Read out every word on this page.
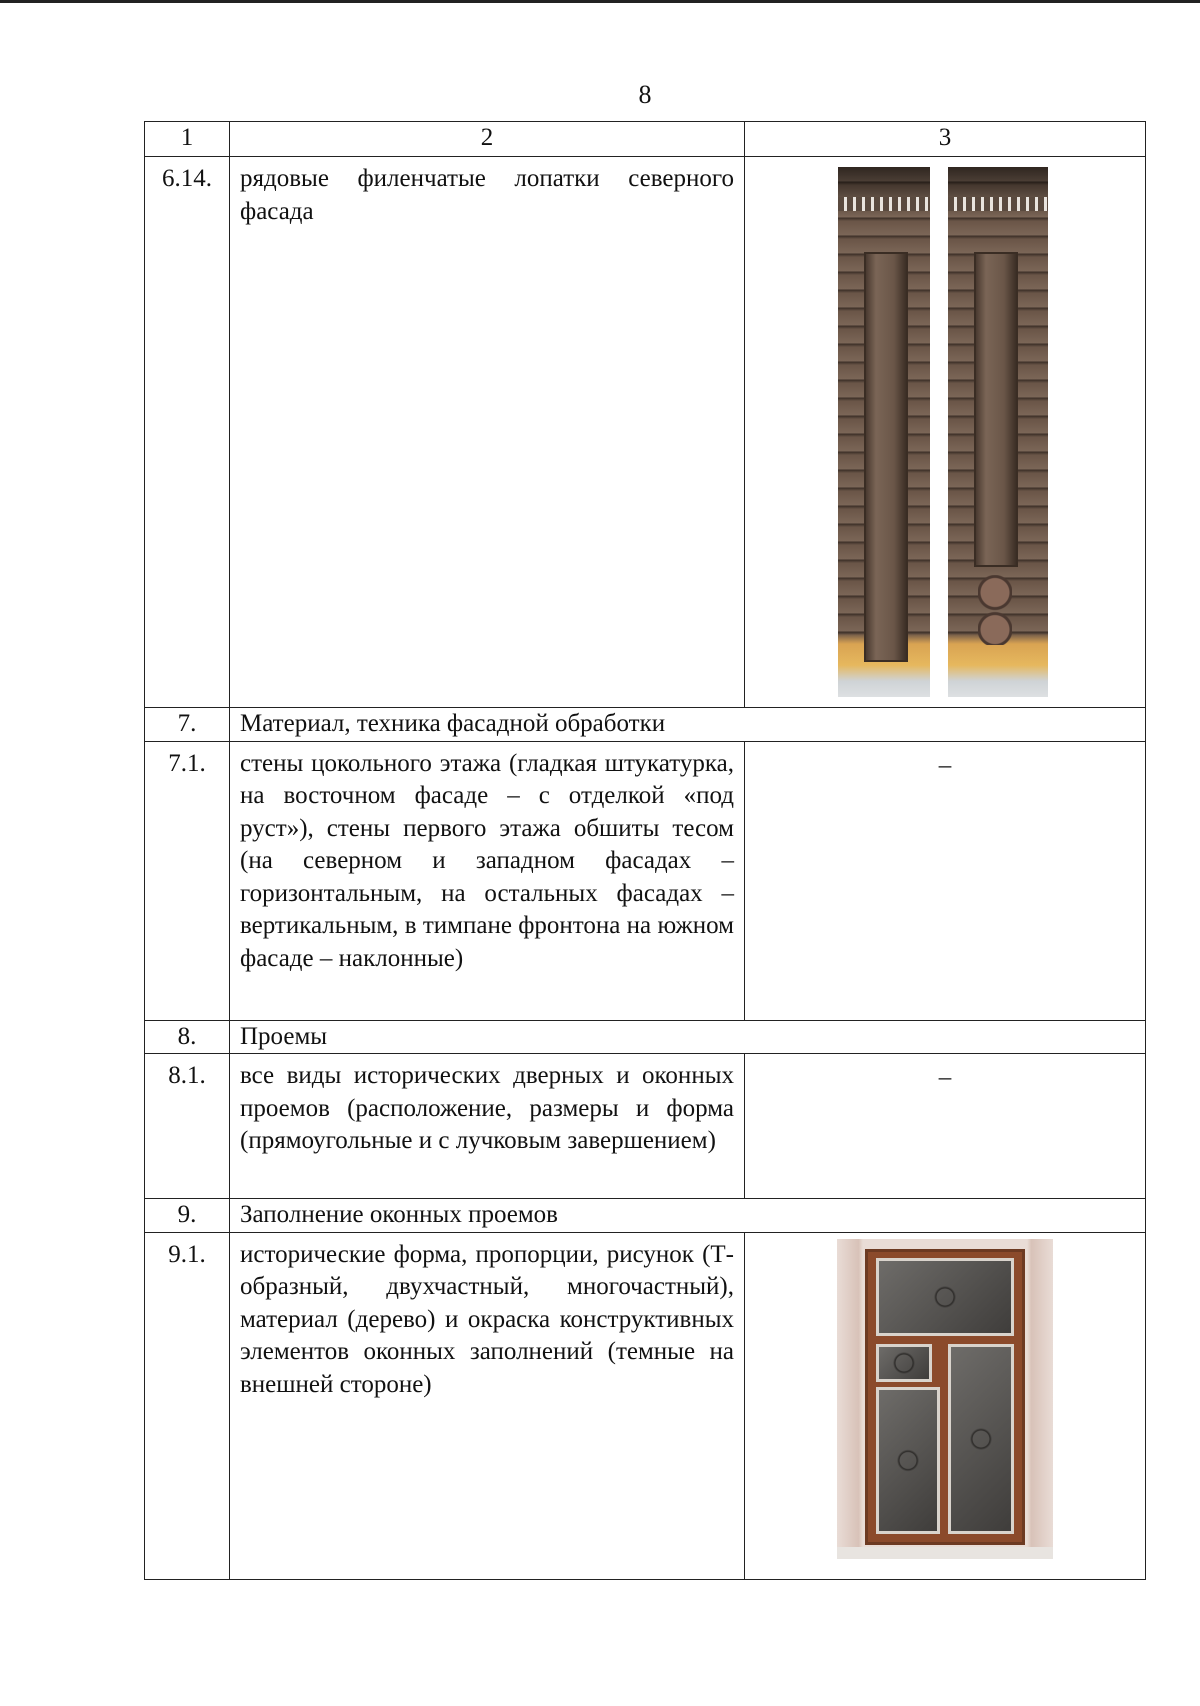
8
1	2	3
6.14.	рядовые филенчатые лопатки северного фасада	

7.	Материал, техника фасадной обработки	
7.1.	стены цокольного этажа (гладкая штукатурка, на восточном фасаде – с отделкой «под руст»), стены первого этажа обшиты тесом (на северном и западном фасадах – горизонтальным, на остальных фасадах – вертикальным, в тимпане фронтона на южном фасаде – наклонные)	–
8.	Проемы	
8.1.	все виды исторических дверных и оконных проемов (расположение, размеры и форма (прямоугольные и с лучковым завершением)	–
9.	Заполнение оконных проемов	
9.1.	исторические форма, пропорции, рисунок (Т-образный, двухчастный, многочастный), материал (дерево) и окраска конструктивных элементов оконных заполнений (темные на внешней стороне)	
